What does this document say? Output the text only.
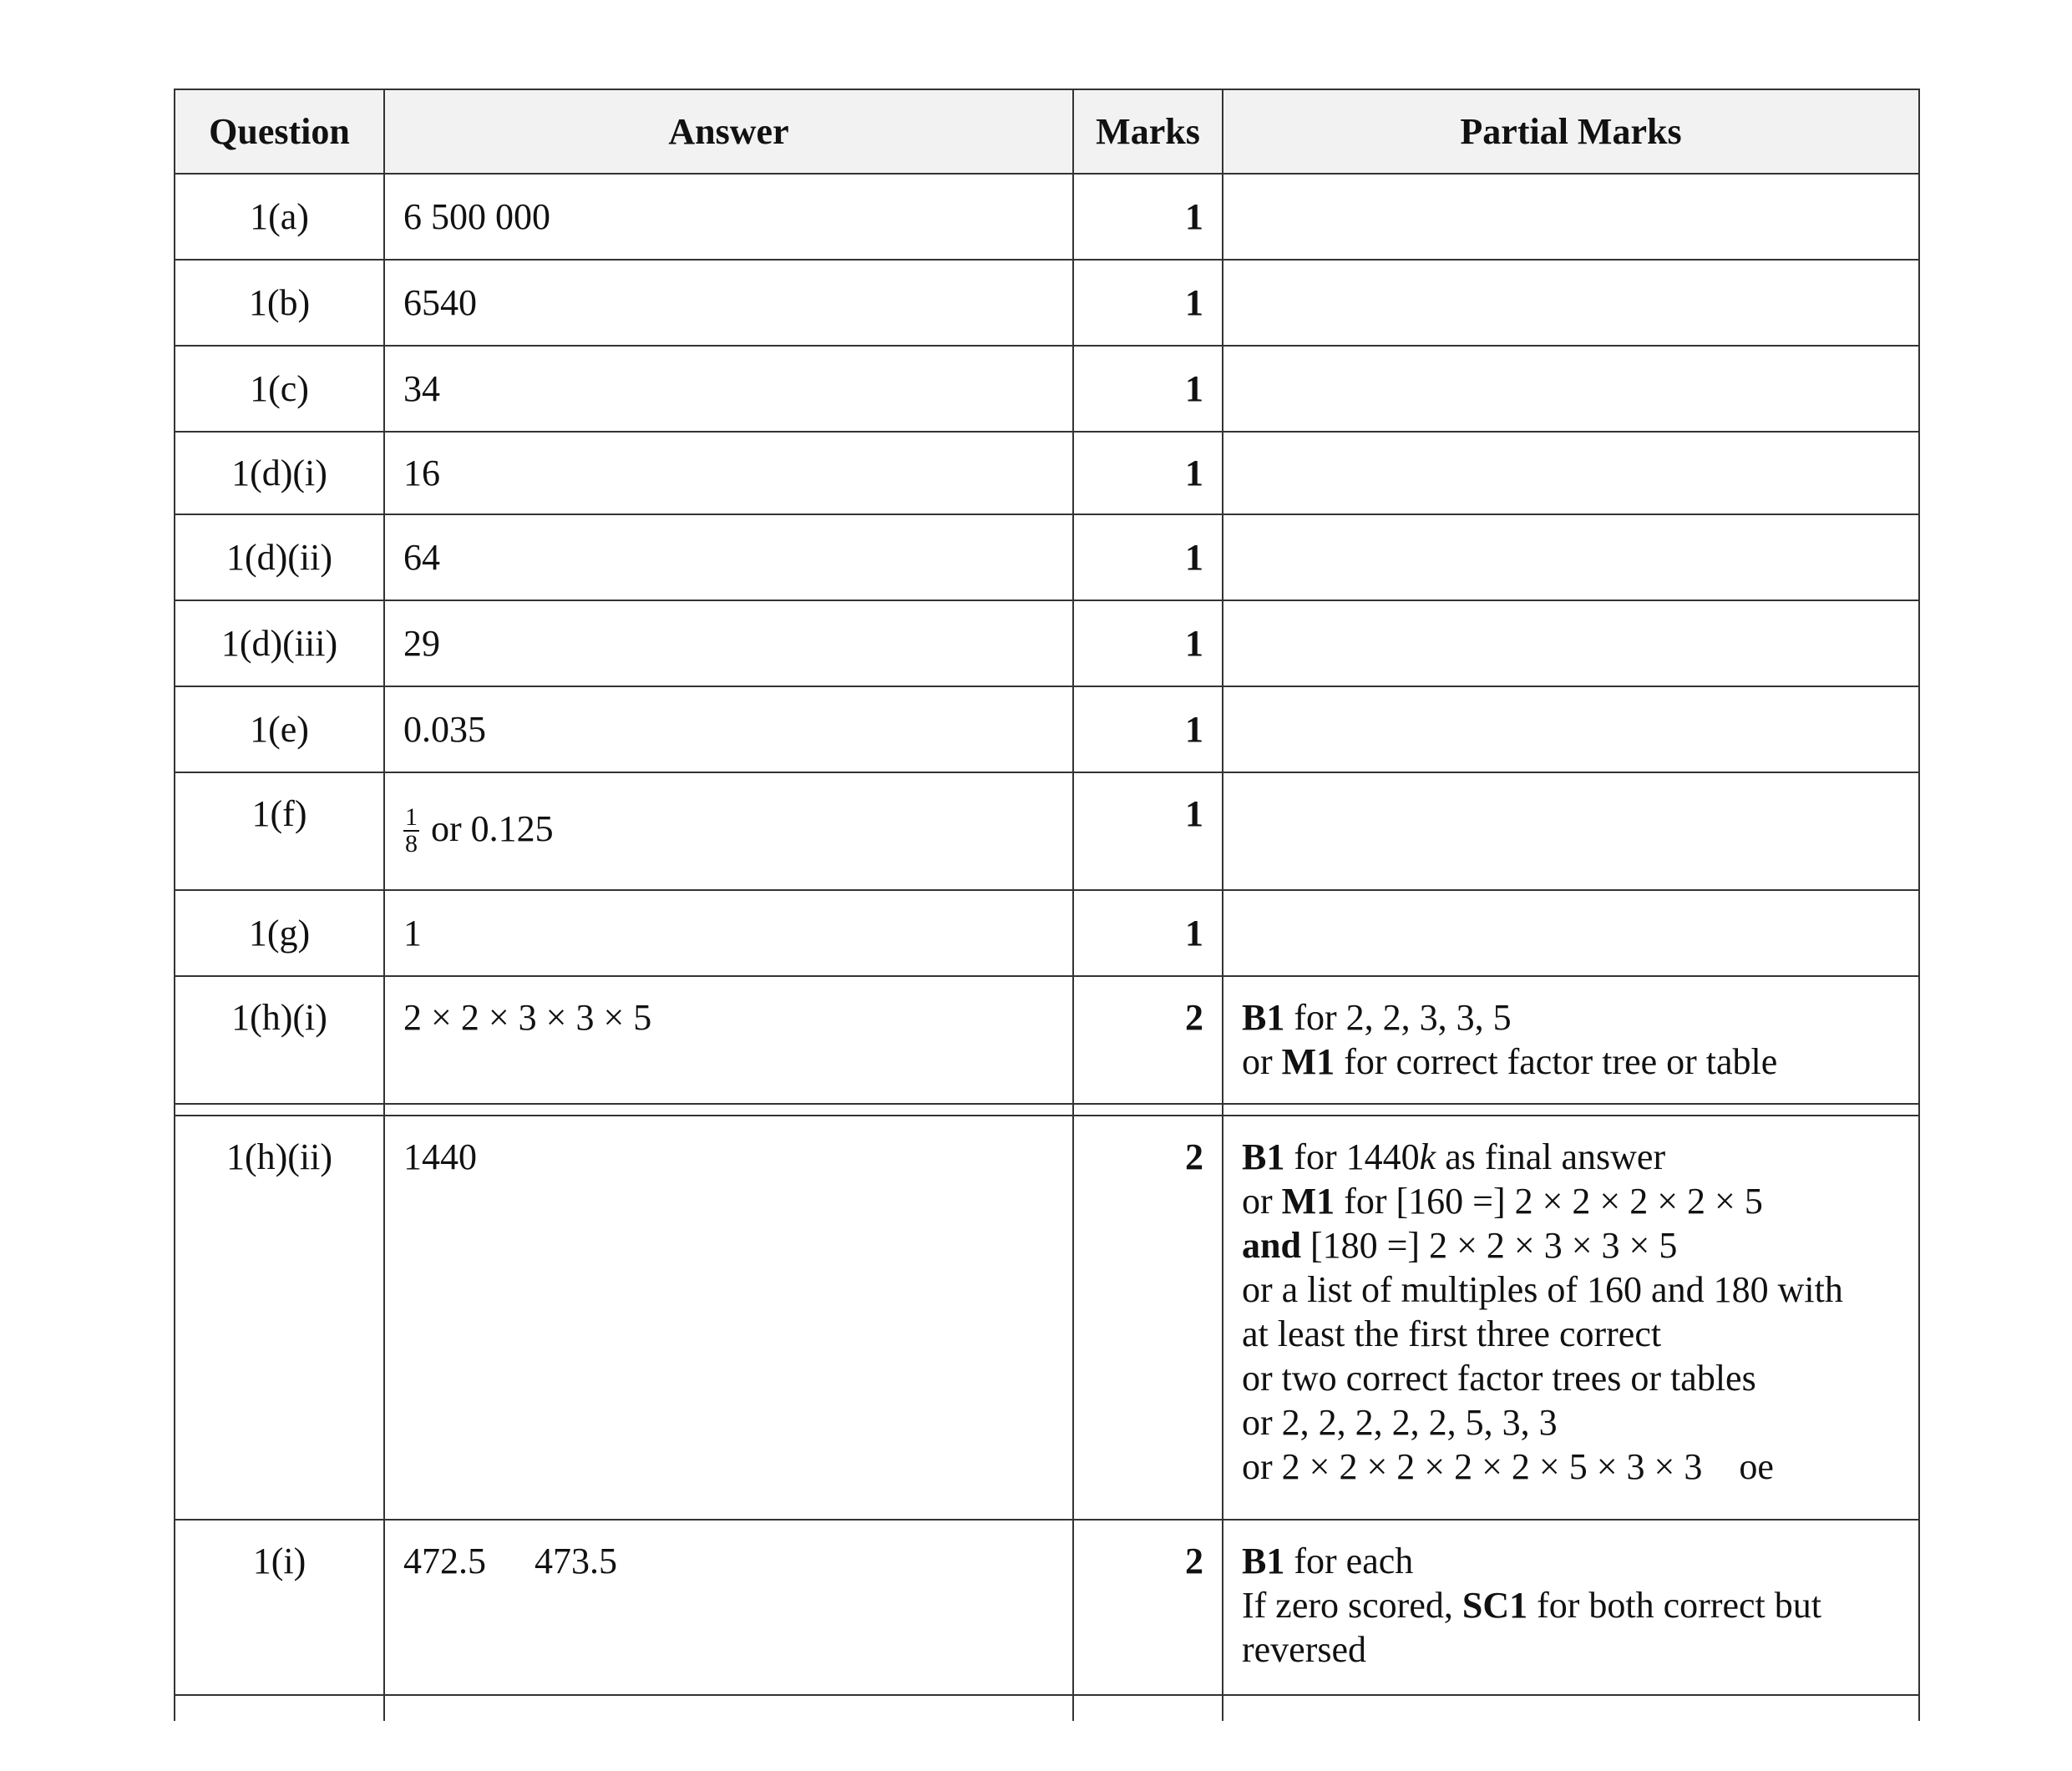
Question	Answer	Marks	Partial Marks
1(a)	6 500 000	1
1(b)	6540	1
1(c)	34	1
1(d)(i)	16	1
1(d)(ii)	64	1
1(d)(iii)	29	1
1(e)	0.035	1
1(f)	$\frac{1}{8}$ or 0.125	1
1(g)	1	1
1(h)(i)	2 × 2 × 3 × 3 × 5	2	B1 for 2, 2, 3, 3, 5
or M1 for correct factor tree or table
1(h)(ii)	1440	2	B1 for 1440k as final answer
or M1 for [160 =] 2 × 2 × 2 × 2 × 5
and [180 =] 2 × 2 × 3 × 3 × 5
or a list of multiples of 160 and 180 with
at least the first three correct
or two correct factor trees or tables
or 2, 2, 2, 2, 2, 5, 3, 3
or 2 × 2 × 2 × 2 × 2 × 5 × 3 × 3    oe
1(i)	472.5 473.5	2	B1 for each
If zero scored, SC1 for both correct but
reversed
